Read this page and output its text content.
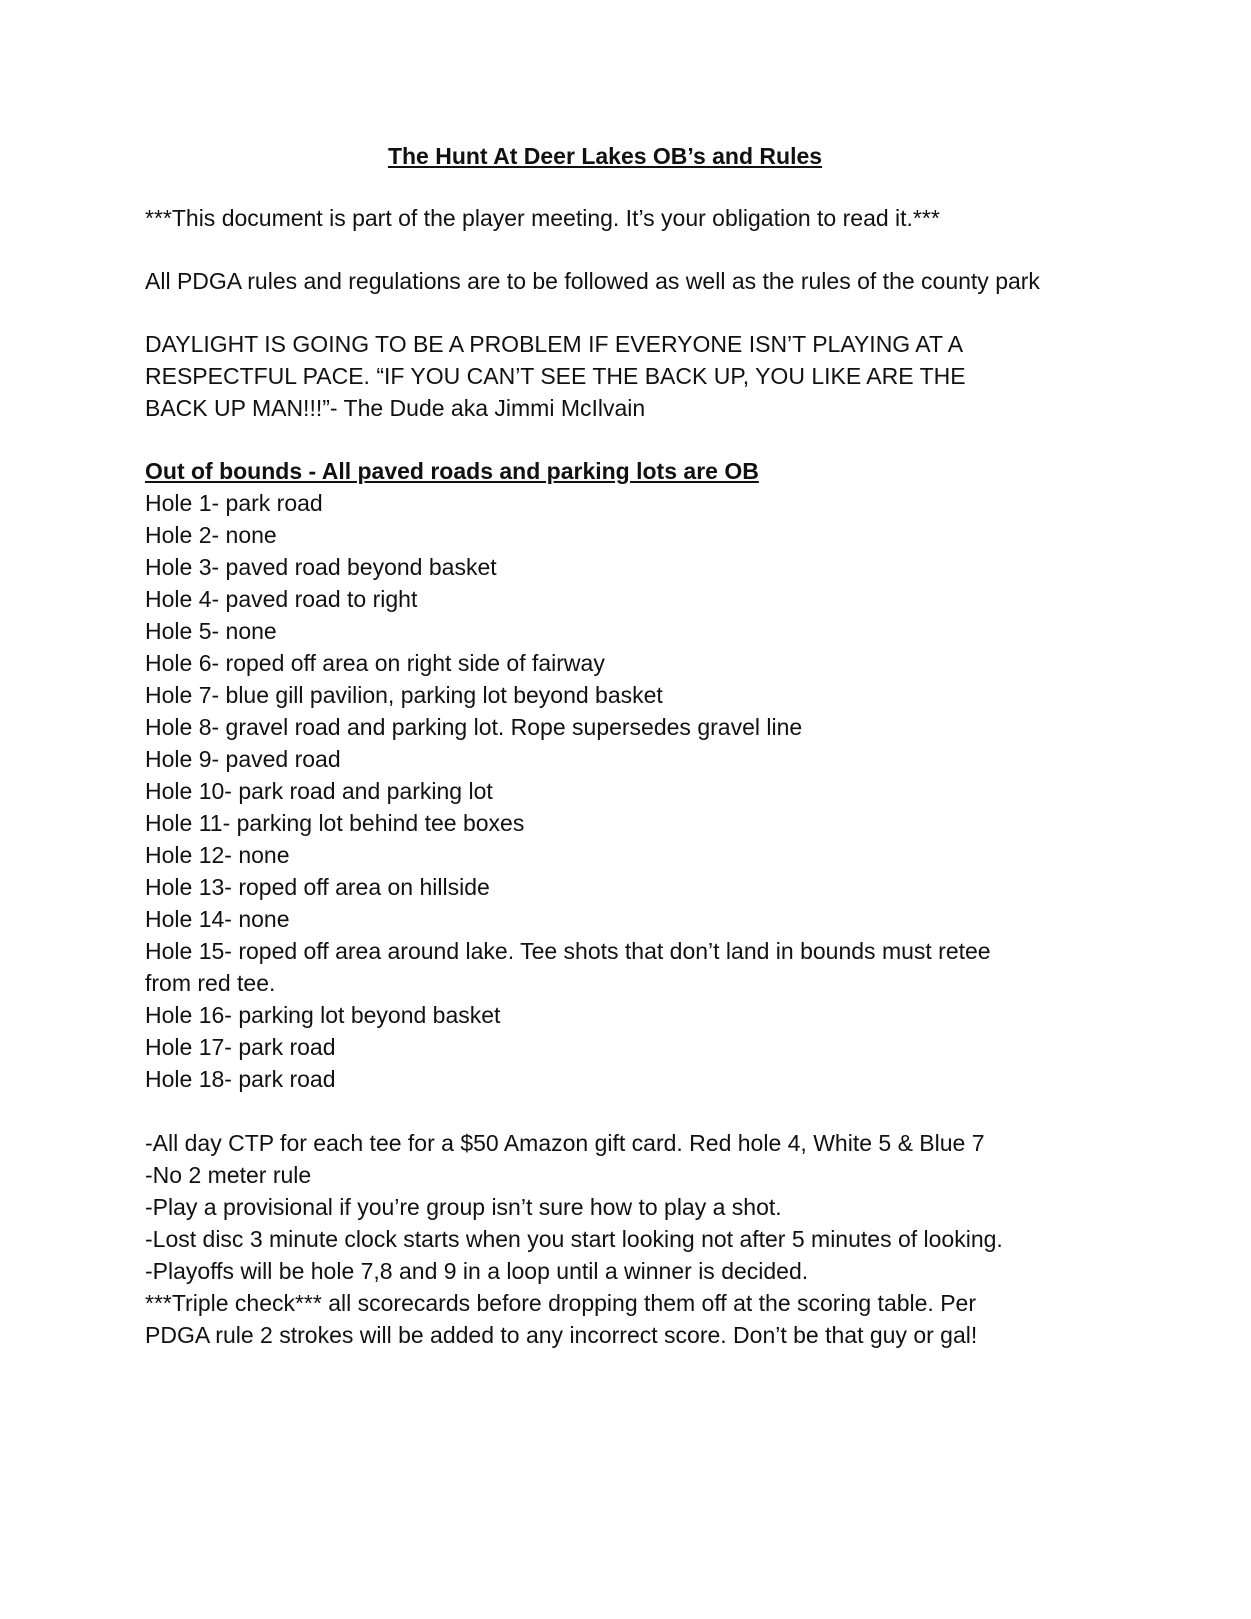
The Hunt At Deer Lakes OB’s and Rules
***This document is part of the player meeting. It’s your obligation to read it.***
All PDGA rules and regulations are to be followed as well as the rules of the county park
DAYLIGHT IS GOING TO BE A PROBLEM IF EVERYONE ISN’T PLAYING AT A
RESPECTFUL PACE. “IF YOU CAN’T SEE THE BACK UP, YOU LIKE ARE THE
BACK UP MAN!!!”- The Dude aka Jimmi McIlvain
Out of bounds - All paved roads and parking lots are OB
Hole 1- park road
Hole 2- none
Hole 3- paved road beyond basket
Hole 4- paved road to right
Hole 5- none
Hole 6- roped off area on right side of fairway
Hole 7- blue gill pavilion, parking lot beyond basket
Hole 8- gravel road and parking lot. Rope supersedes gravel line
Hole 9- paved road
Hole 10- park road and parking lot
Hole 11- parking lot behind tee boxes
Hole 12- none
Hole 13- roped off area on hillside
Hole 14- none
Hole 15- roped off area around lake. Tee shots that don’t land in bounds must retee
from red tee.
Hole 16- parking lot beyond basket
Hole 17- park road
Hole 18- park road
-All day CTP for each tee for a $50 Amazon gift card. Red hole 4, White 5 & Blue 7
-No 2 meter rule
-Play a provisional if you’re group isn’t sure how to play a shot.
-Lost disc 3 minute clock starts when you start looking not after 5 minutes of looking.
-Playoffs will be hole 7,8 and 9 in a loop until a winner is decided.
***Triple check*** all scorecards before dropping them off at the scoring table. Per
PDGA rule 2 strokes will be added to any incorrect score. Don’t be that guy or gal!
